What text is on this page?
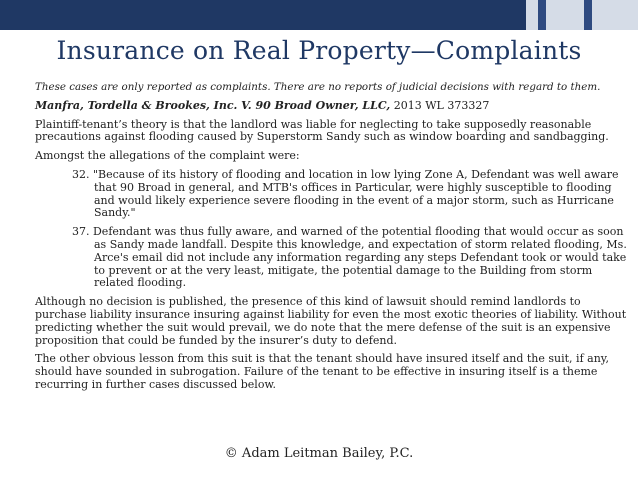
Insurance on Real Property—Complaints

These cases are only reported as complaints. There are no reports of judicial decisions with regard to them.

Manfra, Tordella & Brookes, Inc. V. 90 Broad Owner, LLC, 2013 WL 373327

Plaintiff-tenant’s theory is that the landlord was liable for neglecting to take supposedly reasonable precautions against flooding caused by Superstorm Sandy such as window boarding and sandbagging.

Amongst the allegations of the complaint were:

32. "Because of its history of flooding and location in low lying Zone A, Defendant was well aware that 90 Broad in general, and MTB's offices in Particular, were highly susceptible to flooding and would likely experience severe flooding in the event of a major storm, such as Hurricane Sandy."

37. Defendant was thus fully aware, and warned of the potential flooding that would occur as soon as Sandy made landfall. Despite this knowledge, and expectation of storm related flooding, Ms. Arce's email did not include any information regarding any steps Defendant took or would take to prevent or at the very least, mitigate, the potential damage to the Building from storm related flooding.

Although no decision is published, the presence of this kind of lawsuit should remind landlords to purchase liability insurance insuring against liability for even the most exotic theories of liability. Without predicting whether the suit would prevail, we do note that the mere defense of the suit is an expensive proposition that could be funded by the insurer’s duty to defend.

The other obvious lesson from this suit is that the tenant should have insured itself and the suit, if any, should have sounded in subrogation. Failure of the tenant to be effective in insuring itself is a theme recurring in further cases discussed below.

© Adam Leitman Bailey, P.C.
